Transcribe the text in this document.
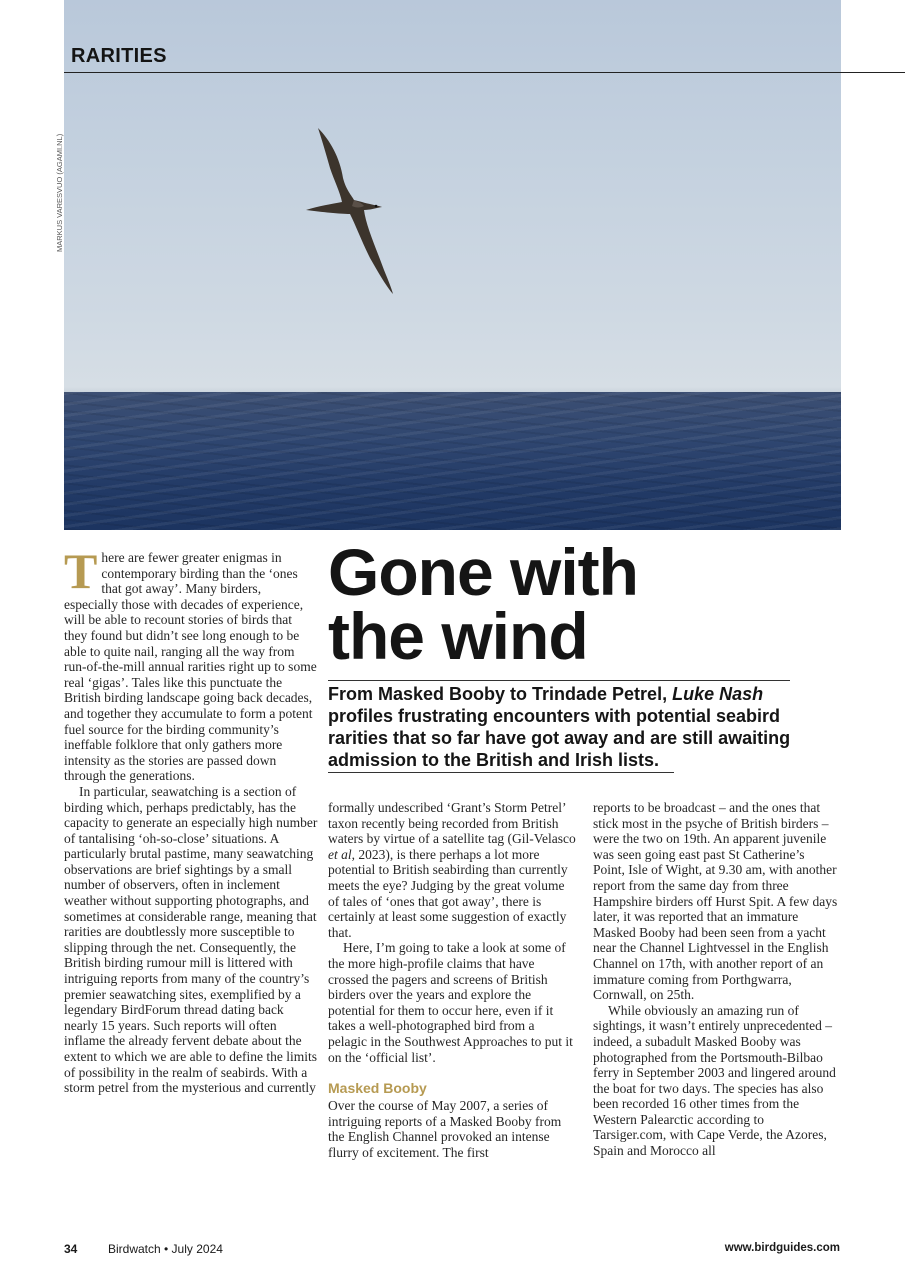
RARITIES
MARKUS VARESVUO (AGAMI.NL)
Gone with
the wind

From Masked Booby to Trindade Petrel, Luke Nash profiles frustrating encounters with potential seabird rarities that so far have got away and are still awaiting admission to the British and Irish lists.

There are fewer greater enigmas in contemporary birding than the ‘ones that got away’. Many birders, especially those with decades of experience, will be able to recount stories of birds that they found but didn’t see long enough to be able to quite nail, ranging all the way from run-of-the-mill annual rarities right up to some real ‘gigas’. Tales like this punctuate the British birding landscape going back decades, and together they accumulate to form a potent fuel source for the birding community’s ineffable folklore that only gathers more intensity as the stories are passed down through the generations.

In particular, seawatching is a section of birding which, perhaps predictably, has the capacity to generate an especially high number of tantalising ‘oh-so-close’ situations. A particularly brutal pastime, many seawatching observations are brief sightings by a small number of observers, often in inclement weather without supporting photographs, and sometimes at considerable range, meaning that rarities are doubtlessly more susceptible to slipping through the net. Consequently, the British birding rumour mill is littered with intriguing reports from many of the country’s premier seawatching sites, exemplified by a legendary BirdForum thread dating back nearly 15 years. Such reports will often inflame the already fervent debate about the extent to which we are able to define the limits of possibility in the realm of seabirds. With a storm petrel from the mysterious and currently

formally undescribed ‘Grant’s Storm Petrel’ taxon recently being recorded from British waters by virtue of a satellite tag (Gil-Velasco et al, 2023), is there perhaps a lot more potential to British seabirding than currently meets the eye? Judging by the great volume of tales of ‘ones that got away’, there is certainly at least some suggestion of exactly that.

Here, I’m going to take a look at some of the more high-profile claims that have crossed the pagers and screens of British birders over the years and explore the potential for them to occur here, even if it takes a well-photographed bird from a pelagic in the Southwest Approaches to put it on the ‘official list’.

Masked Booby

Over the course of May 2007, a series of intriguing reports of a Masked Booby from the English Channel provoked an intense flurry of excitement. The first

reports to be broadcast – and the ones that stick most in the psyche of British birders – were the two on 19th. An apparent juvenile was seen going east past St Catherine’s Point, Isle of Wight, at 9.30 am, with another report from the same day from three Hampshire birders off Hurst Spit. A few days later, it was reported that an immature Masked Booby had been seen from a yacht near the Channel Lightvessel in the English Channel on 17th, with another report of an immature coming from Porthgwarra, Cornwall, on 25th.

While obviously an amazing run of sightings, it wasn’t entirely unprecedented – indeed, a subadult Masked Booby was photographed from the Portsmouth-Bilbao ferry in September 2003 and lingered around the boat for two days. The species has also been recorded 16 other times from the Western Palearctic according to Tarsiger.com, with Cape Verde, the Azores, Spain and Morocco all

34	Birdwatch • July 2024	www.birdguides.com
